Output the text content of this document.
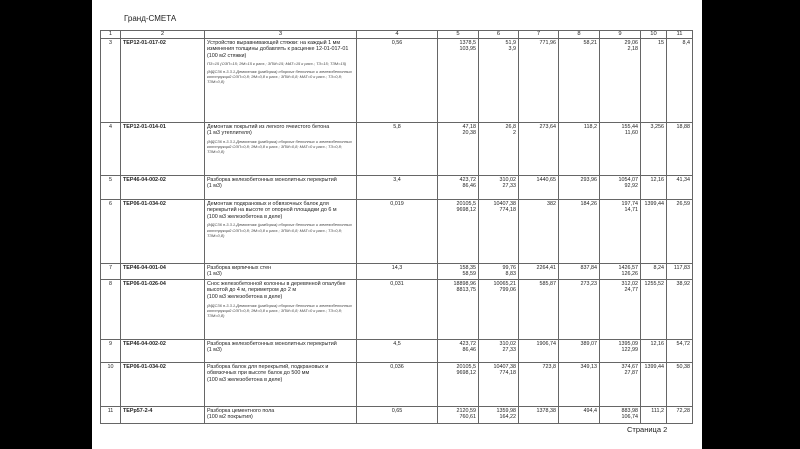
Гранд-СМЕТА
1	2	3	4	5	6	7	8	9	10	11

3	ТЕР12-01-017-02	Устройство выравнивающей стяжки: на каждый 1 мм изменения толщины добавлять к расценке 12-01-017-01
(100 м2 стяжки)
ПЗ=15 (ОЗП=15; ЭМ=15 к расх.; ЗПМ=15; МАТ=15 к расх.; ТЗ=15; ТЗМ=15)
(МДС36 п.3.3.1.Демонтаж (разборка) сборных бетонных и железобетонных конструкций ОЗП=0,8; ЭМ=0,8 к расх.; ЗПМ=0,8; МАТ=0 к расх.; ТЗ=0,8; ТЗМ=0,8)	0,56	1378,5
103,95	51,9
3,9	771,96	58,21	29,06
2,18	15	8,4

4	ТЕР12-01-014-01	Демонтаж покрытий из легкого ячеистого бетона
(1 м3 утеплителя)
(МДС36 п.3.3.1.Демонтаж (разборка) сборных бетонных и железобетонных конструкций ОЗП=0,8; ЭМ=0,8 к расх.; ЗПМ=0,8; МАТ=0 к расх.; ТЗ=0,8; ТЗМ=0,8)	5,8	47,18
20,38	26,8
2	273,64	118,2	155,44
11,60	3,256	18,88

5	ТЕР46-04-002-02	Разборка железобетонных монолитных перекрытий
(1 м3)	3,4	423,72
86,46	310,02
27,33	1440,65	293,96	1054,07
92,92	12,16	41,34

6	ТЕР06-01-034-02	Демонтаж подкрановых и обвязочных балок для перекрытий на высоте от опорной площадки до 6 м
(100 м3 железобетона в деле)
(МДС36 п.3.3.1.Демонтаж (разборка) сборных бетонных и железобетонных конструкций ОЗП=0,8; ЭМ=0,8 к расх.; ЗПМ=0,8; МАТ=0 к расх.; ТЗ=0,8; ТЗМ=0,8)	0,019	20105,5
9698,12	10407,38
774,18	382	184,26	197,74
14,71	1399,44	26,59

7	ТЕР46-04-001-04	Разборка кирпичных стен
(1 м3)	14,3	158,35
58,59	99,76
8,83	2264,41	837,84	1426,57
126,26	8,24	117,83

8	ТЕР06-01-026-04	Снос железобетонной колонны в деревянной опалубке высотой до 4 м, периметром до 2 м
(100 м3 железобетона в деле)
(МДС36 п.3.3.1.Демонтаж (разборка) сборных бетонных и железобетонных конструкций ОЗП=0,8; ЭМ=0,8 к расх.; ЗПМ=0,8; МАТ=0 к расх.; ТЗ=0,8; ТЗМ=0,8)	0,031	18898,96
8813,75	10065,21
799,06	585,87	273,23	312,02
24,77	1255,52	38,92

9	ТЕР46-04-002-02	Разборка железобетонных монолитных перекрытий
(1 м3)	4,5	423,72
86,46	310,02
27,33	1906,74	389,07	1395,09
122,99	12,16	54,72

10	ТЕР06-01-034-02	Разборка балок для перекрытий, подкрановых и обвязочных при высоте балок до 500 мм
(100 м3 железобетона в деле)	0,036	20105,5
9698,12	10407,38
774,18	723,8	349,13	374,67
27,87	1399,44	50,38

11	ТЕРр57-2-4	Разборка цементного пола
(100 м2 покрытия)	0,65	2120,59
760,61	1359,98
164,22	1378,38	494,4	883,98
106,74	111,2	72,28
Страница 2
